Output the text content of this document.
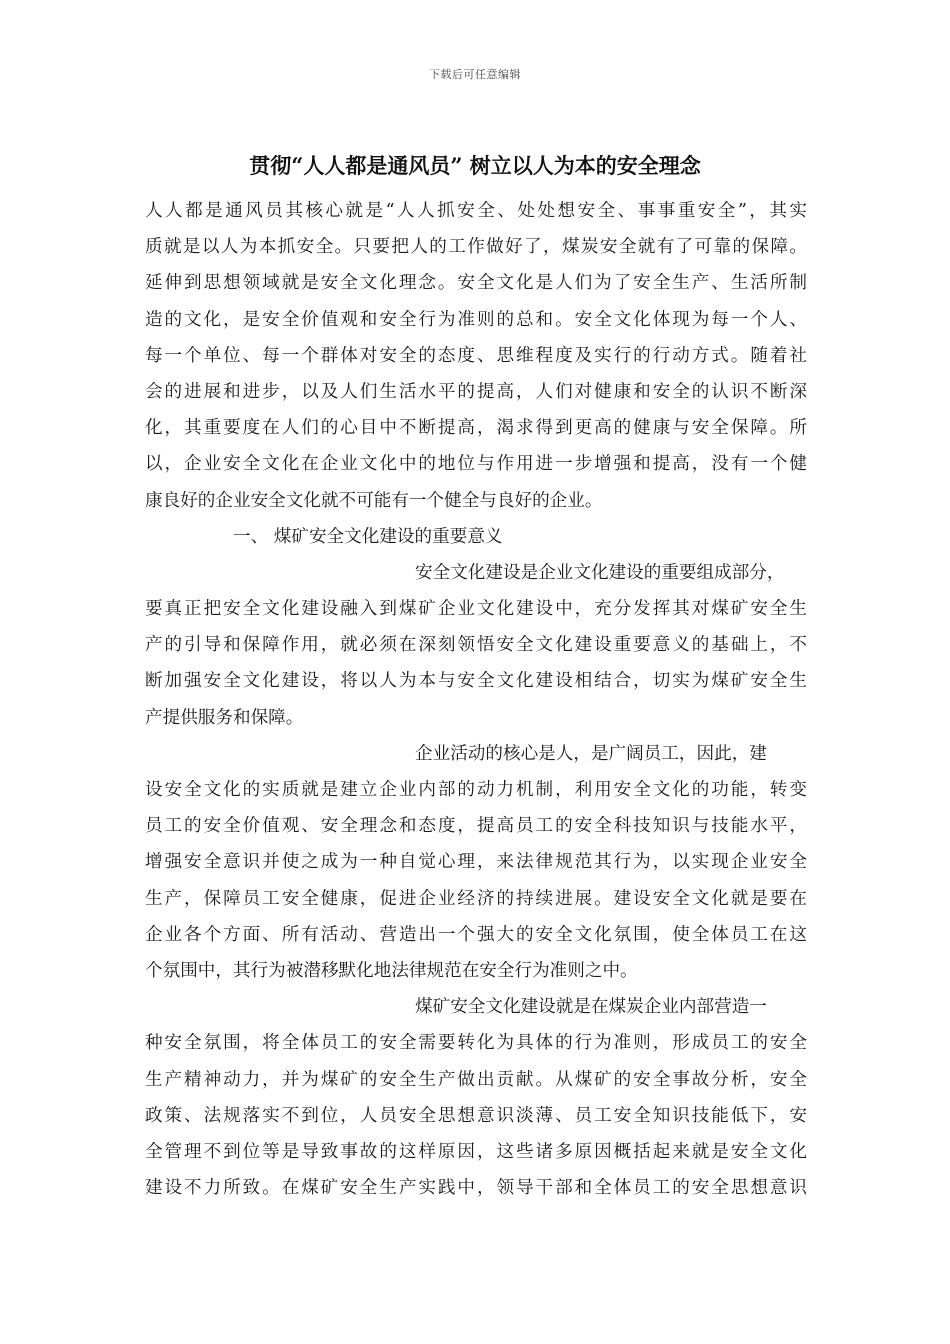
下载后可任意编辑
贯彻“人人都是通风员” 树立以人为本的安全理念
人人都是通风员其核心就是“人人抓安全、处处想安全、事事重安全”，其实
质就是以人为本抓安全。只要把人的工作做好了，煤炭安全就有了可靠的保障。
延伸到思想领域就是安全文化理念。安全文化是人们为了安全生产、生活所制
造的文化，是安全价值观和安全行为准则的总和。安全文化体现为每一个人、
每一个单位、每一个群体对安全的态度、思维程度及实行的行动方式。随着社
会的进展和进步，以及人们生活水平的提高，人们对健康和安全的认识不断深
化，其重要度在人们的心目中不断提高，渴求得到更高的健康与安全保障。所
以，企业安全文化在企业文化中的地位与作用进一步增强和提高，没有一个健
康良好的企业安全文化就不可能有一个健全与良好的企业。
一、 煤矿安全文化建设的重要意义
安全文化建设是企业文化建设的重要组成部分，
要真正把安全文化建设融入到煤矿企业文化建设中，充分发挥其对煤矿安全生
产的引导和保障作用，就必须在深刻领悟安全文化建设重要意义的基础上，不
断加强安全文化建设，将以人为本与安全文化建设相结合，切实为煤矿安全生
产提供服务和保障。
企业活动的核心是人，是广阔员工，因此，建
设安全文化的实质就是建立企业内部的动力机制，利用安全文化的功能，转变
员工的安全价值观、安全理念和态度，提高员工的安全科技知识与技能水平，
增强安全意识并使之成为一种自觉心理，来法律规范其行为，以实现企业安全
生产，保障员工安全健康，促进企业经济的持续进展。建设安全文化就是要在
企业各个方面、所有活动、营造出一个强大的安全文化氛围，使全体员工在这
个氛围中，其行为被潜移默化地法律规范在安全行为准则之中。
煤矿安全文化建设就是在煤炭企业内部营造一
种安全氛围，将全体员工的安全需要转化为具体的行为准则，形成员工的安全
生产精神动力，并为煤矿的安全生产做出贡献。从煤矿的安全事故分析，安全
政策、法规落实不到位，人员安全思想意识淡薄、员工安全知识技能低下，安
全管理不到位等是导致事故的这样原因，这些诸多原因概括起来就是安全文化
建设不力所致。在煤矿安全生产实践中，领导干部和全体员工的安全思想意识
